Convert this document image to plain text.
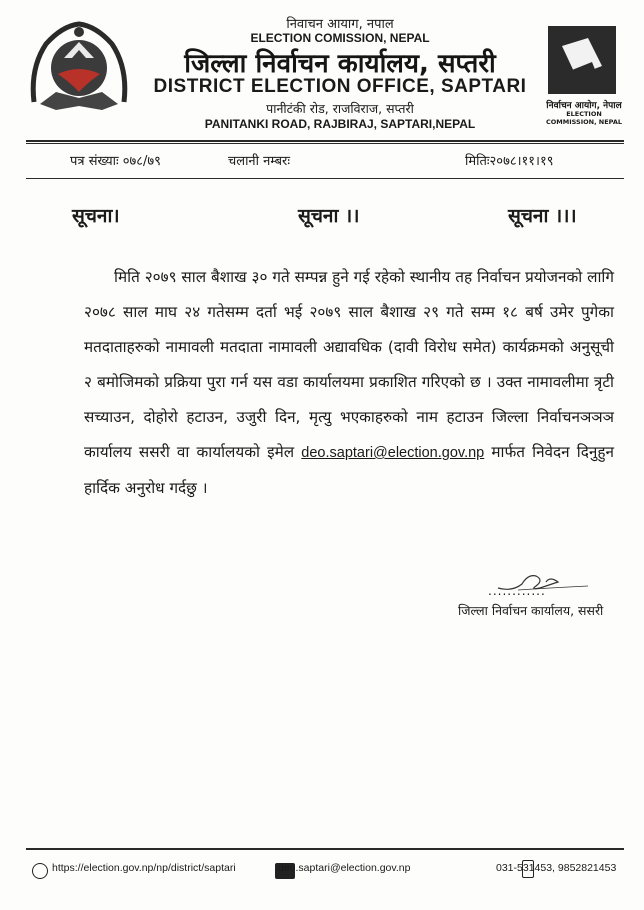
निवाचन आयाग, नपाल
ELECTION COMISSION, NEPAL
जिल्ला निर्वाचन कार्यालय, सप्तरी
DISTRICT ELECTION OFFICE, SAPTARI
पानीटंकी रोड, राजविराज, सप्तरी
PANITANKI ROAD, RAJBIRAJ, SAPTARI,NEPAL
निर्वाचन आयोग, नेपाल
ELECTION COMMISSION, NEPAL
पत्र संख्याः ०७८/७९	चलानी नम्बरः	मितिः२०७८।११।१९
सूचना।	सूचना ।।	सूचना ।।।
मिति २०७९ साल बैशाख ३० गते सम्पन्न हुने गई रहेको स्थानीय तह निर्वाचन प्रयोजनको लागि २०७८ साल माघ २४ गतेसम्म दर्ता भई २०७९ साल बैशाख २९ गते सम्म १८ बर्ष उमेर पुगेका मतदाताहरुको नामावली मतदाता नामावली अद्यावधिक (दावी विरोध समेत) कार्यक्रमको अनुसूची २ बमोजिमको प्रक्रिया पुरा गर्न यस वडा कार्यालयमा प्रकाशित गरिएको छ । उक्त नामावलीमा त्रृटी सच्याउन, दोहोरो हटाउन, उजुरी दिन, मृत्यु भएकाहरुको नाम हटाउन जिल्ला निर्वाचनञञञ कार्यालय ससरी वा कार्यालयको इमेल deo.saptari@election.gov.np मार्फत निवेदन दिनुहुन हार्दिक अनुरोध गर्दछु ।
............
जिल्ला निर्वाचन कार्यालय, ससरी

https://election.gov.np/np/district/saptari
	deo.saptari@election.gov.np	031-531453, 9852821453
